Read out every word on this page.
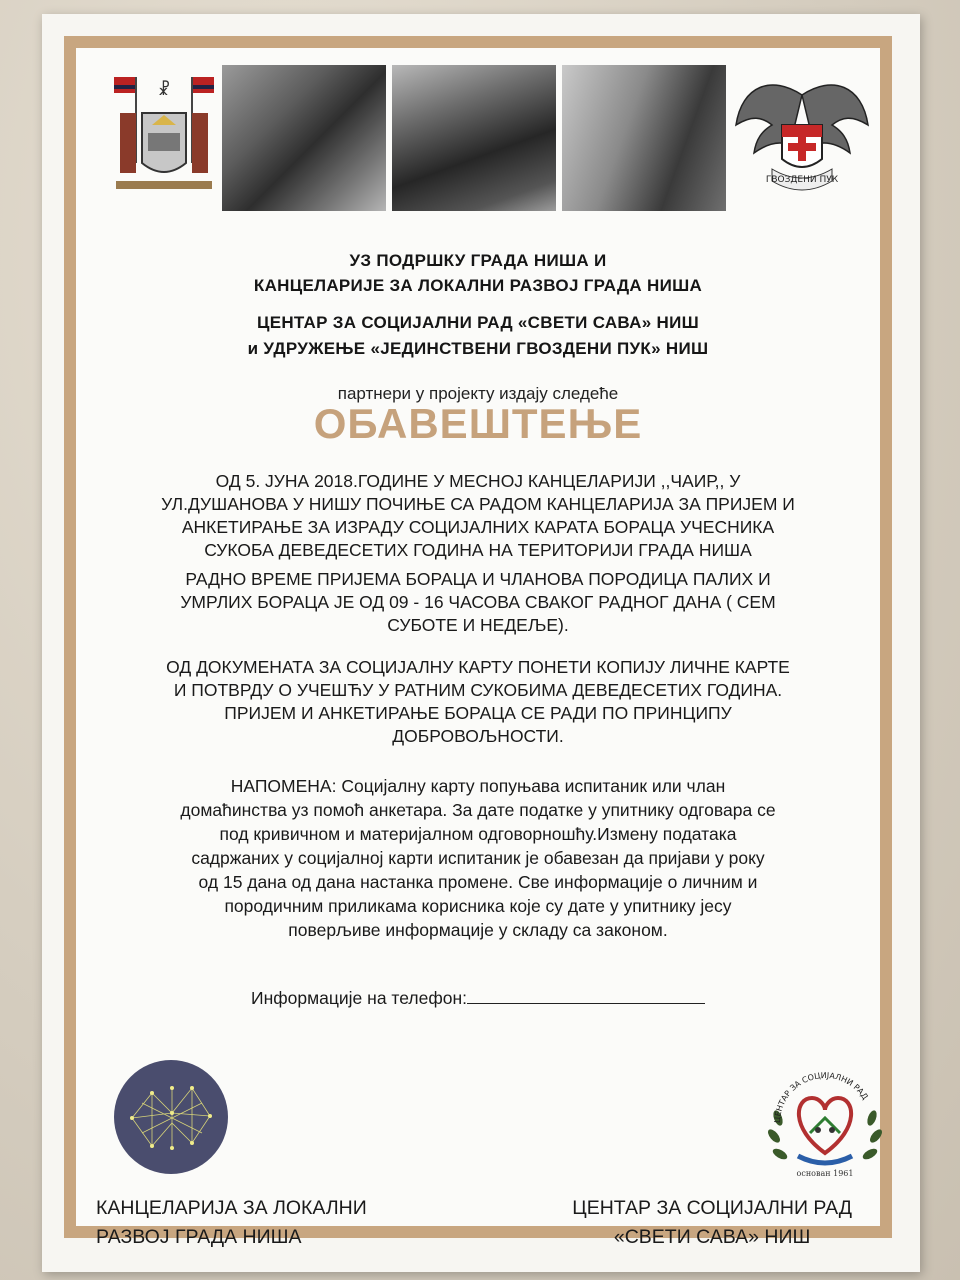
☧
ГВОЗДЕНИ ПУК
УЗ ПОДРШКУ ГРАДА НИША И
КАНЦЕЛАРИЈЕ ЗА ЛОКАЛНИ РАЗВОЈ ГРАДА НИША
ЦЕНТАР ЗА СОЦИЈАЛНИ РАД «СВЕТИ САВА» НИШ
и УДРУЖЕЊЕ «ЈЕДИНСТВЕНИ ГВОЗДЕНИ ПУК» НИШ
партнери у пројекту издају следеће
ОБАВЕШТЕЊЕ

ОД 5. ЈУНА 2018.ГОДИНЕ У МЕСНОЈ КАНЦЕЛАРИЈИ ,,ЧАИР,, У
УЛ.ДУШАНОВА У НИШУ ПОЧИЊЕ СА РАДОМ КАНЦЕЛАРИЈА ЗА ПРИЈЕМ И
АНКЕТИРАЊЕ ЗА ИЗРАДУ СОЦИЈАЛНИХ КАРАТА БОРАЦА УЧЕСНИКА
СУКОБА ДЕВЕДЕСЕТИХ ГОДИНА НА ТЕРИТОРИЈИ ГРАДА НИША

РАДНО ВРЕМЕ ПРИЈЕМА БОРАЦА И ЧЛАНОВА ПОРОДИЦА ПАЛИХ И
УМРЛИХ БОРАЦА ЈЕ ОД 09 - 16 ЧАСОВА СВАКОГ РАДНОГ ДАНА ( СЕМ
СУБОТЕ И НЕДЕЉЕ).

ОД ДОКУМЕНАТА ЗА СОЦИЈАЛНУ КАРТУ ПОНЕТИ КОПИЈУ ЛИЧНЕ КАРТЕ
И ПОТВРДУ О УЧЕШЋУ У РАТНИМ СУКОБИМА ДЕВЕДЕСЕТИХ ГОДИНА.
ПРИЈЕМ И АНКЕТИРАЊЕ БОРАЦА СЕ РАДИ ПО ПРИНЦИПУ
ДОБРОВОЉНОСТИ.

НАПОМЕНА: Социјалну карту попуњава испитаник или члан
домаћинства уз помоћ анкетара. За дате податке у упитнику одговара се
под кривичном и материјалном одговорношћу.Измену података
садржаних у социјалној карти испитаник је обавезан да пријави у року
од 15 дана од дана настанка промене. Све информације о личним и
породичним приликама корисника које су дате у упитнику јесу
поверљиве информације у складу са законом.

Информације на телефон:
ЦЕНТАР ЗА СОЦИЈАЛНИ РАД
основан 1961
КАНЦЕЛАРИЈА ЗА ЛОКАЛНИ
РАЗВОЈ ГРАДА НИША
ЦЕНТАР ЗА СОЦИЈАЛНИ РАД
«СВЕТИ САВА» НИШ
